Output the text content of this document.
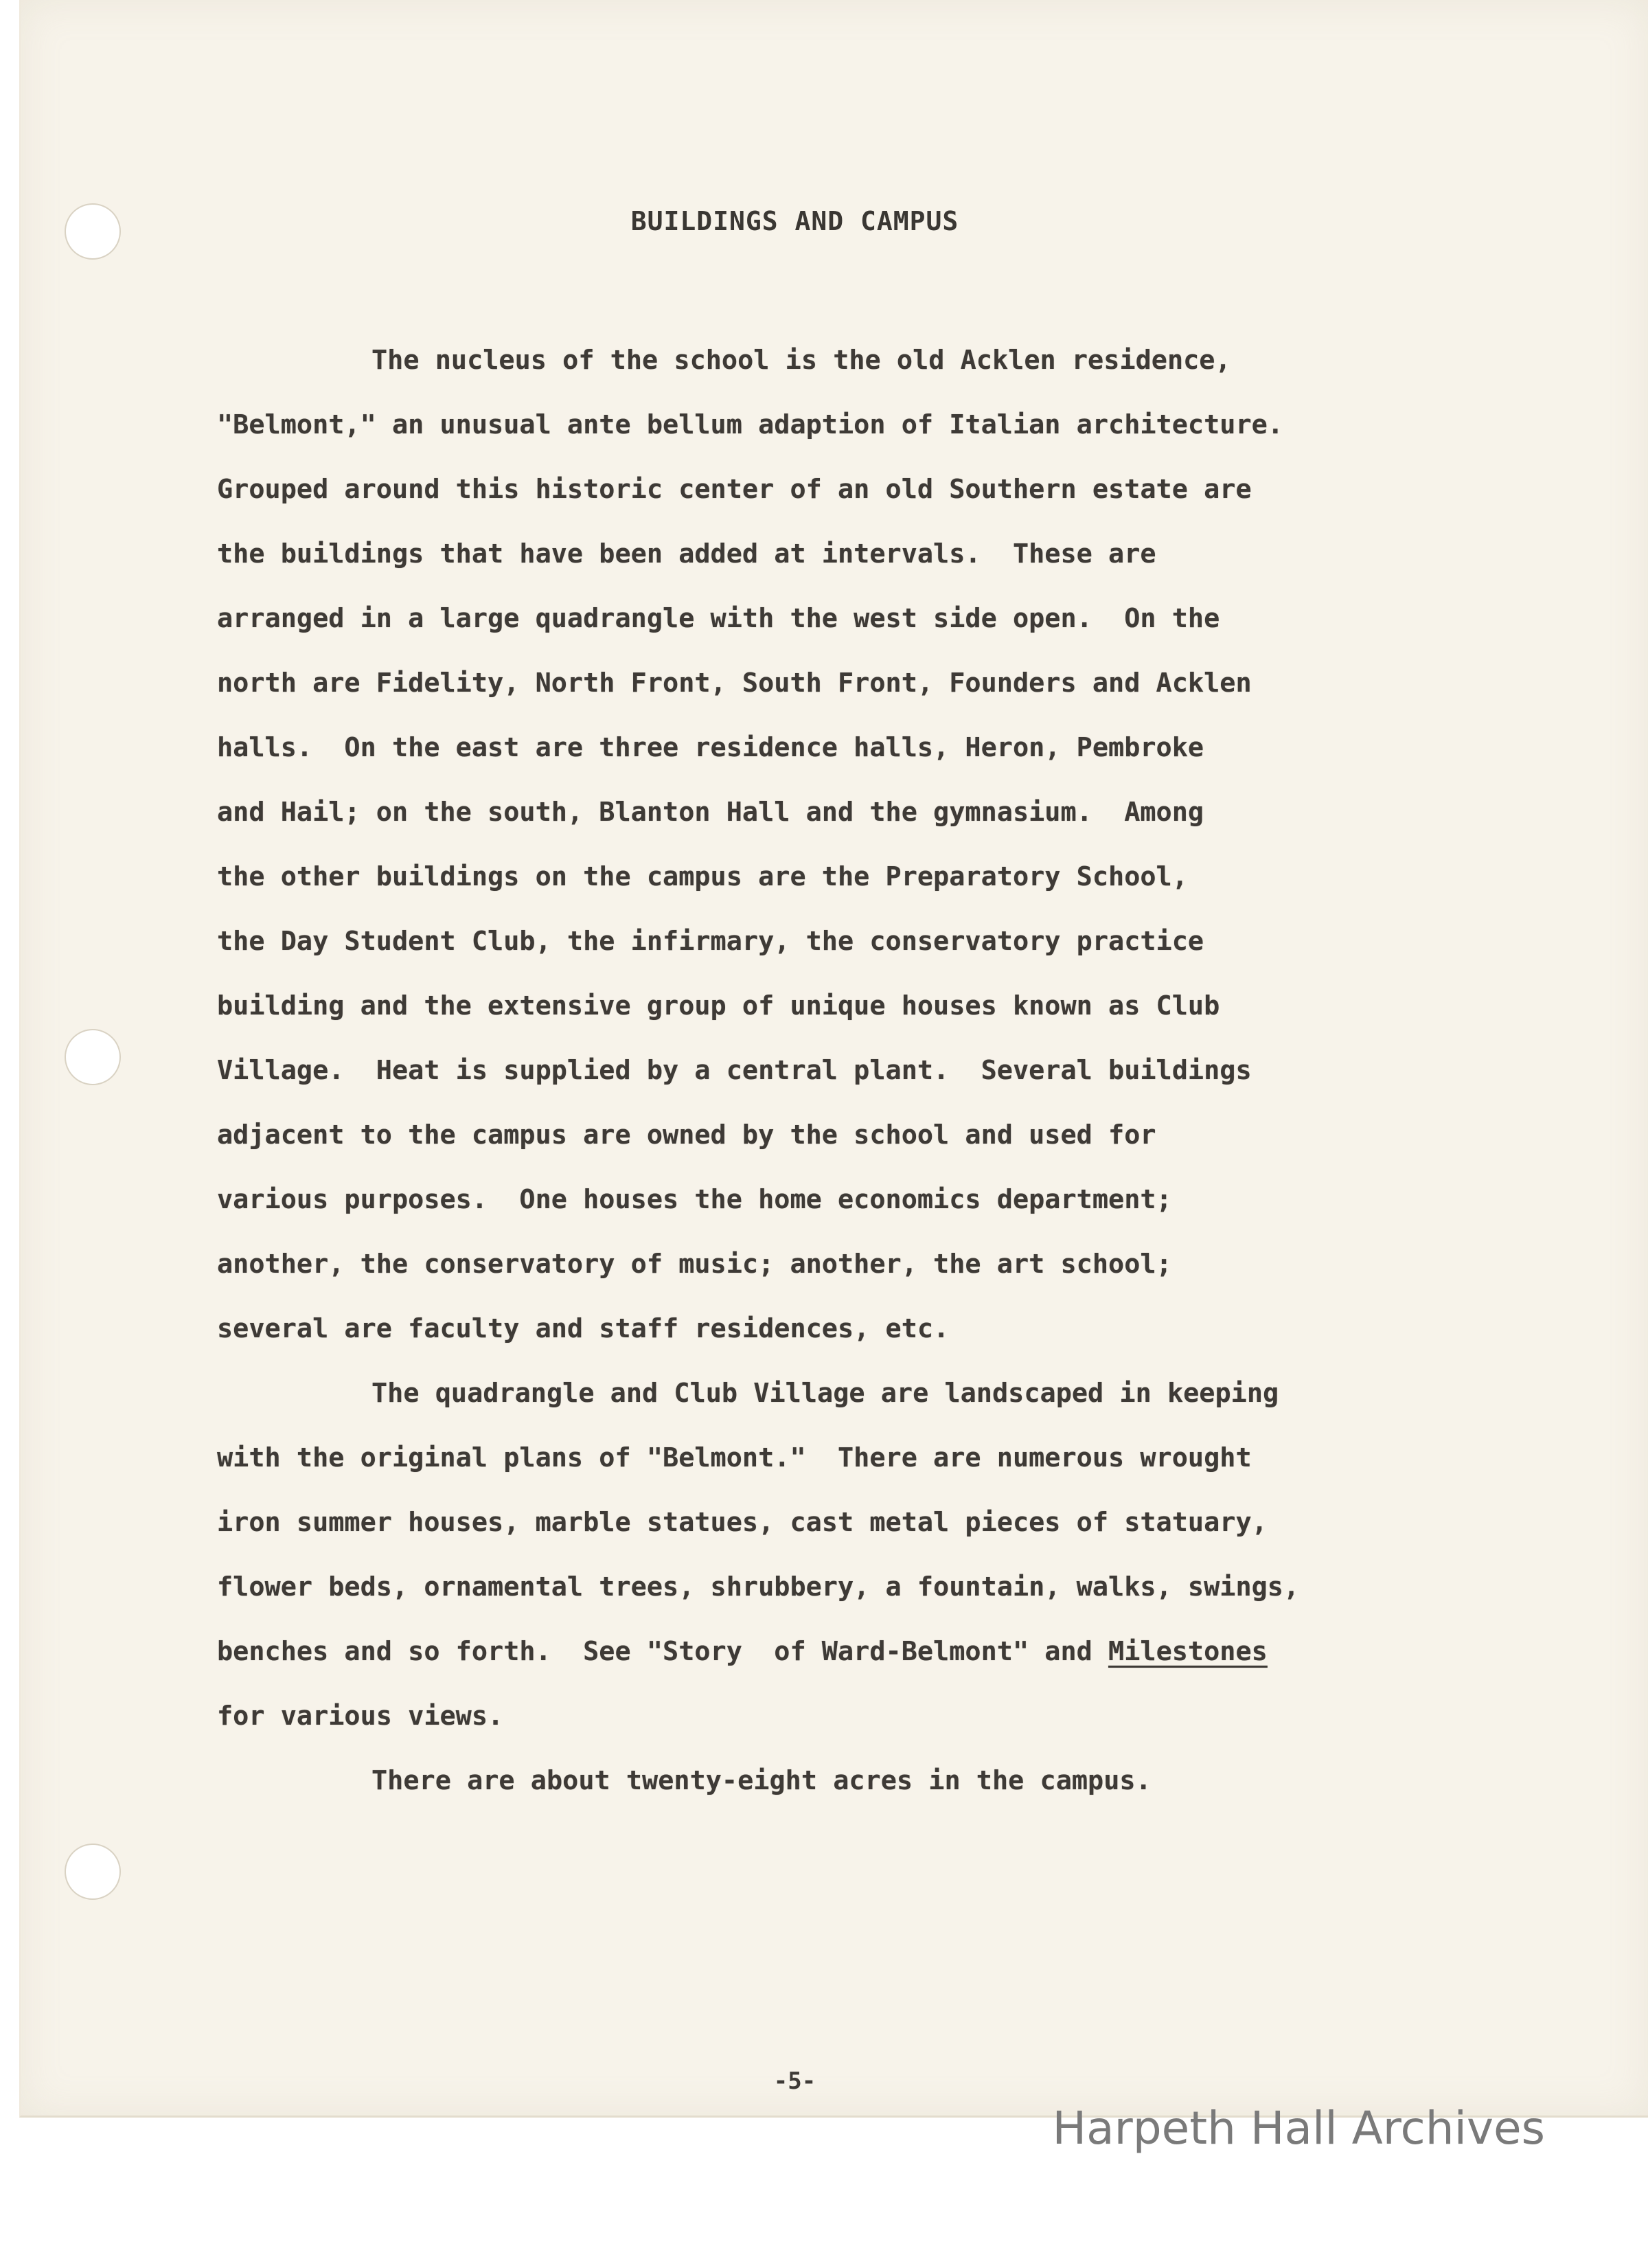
BUILDINGS AND CAMPUS
The nucleus of the school is the old Acklen residence,
"Belmont," an unusual ante bellum adaption of Italian architecture.
Grouped around this historic center of an old Southern estate are
the buildings that have been added at intervals.  These are
arranged in a large quadrangle with the west side open.  On the
north are Fidelity, North Front, South Front, Founders and Acklen
halls.  On the east are three residence halls, Heron, Pembroke
and Hail; on the south, Blanton Hall and the gymnasium.  Among
the other buildings on the campus are the Preparatory School,
the Day Student Club, the infirmary, the conservatory practice
building and the extensive group of unique houses known as Club
Village.  Heat is supplied by a central plant.  Several buildings
adjacent to the campus are owned by the school and used for
various purposes.  One houses the home economics department;
another, the conservatory of music; another, the art school;
several are faculty and staff residences, etc.
The quadrangle and Club Village are landscaped in keeping
with the original plans of "Belmont."  There are numerous wrought
iron summer houses, marble statues, cast metal pieces of statuary,
flower beds, ornamental trees, shrubbery, a fountain, walks, swings,
benches and so forth.  See "Story  of Ward-Belmont" and Milestones
for various views.
There are about twenty-eight acres in the campus.
-5-
Harpeth Hall Archives
